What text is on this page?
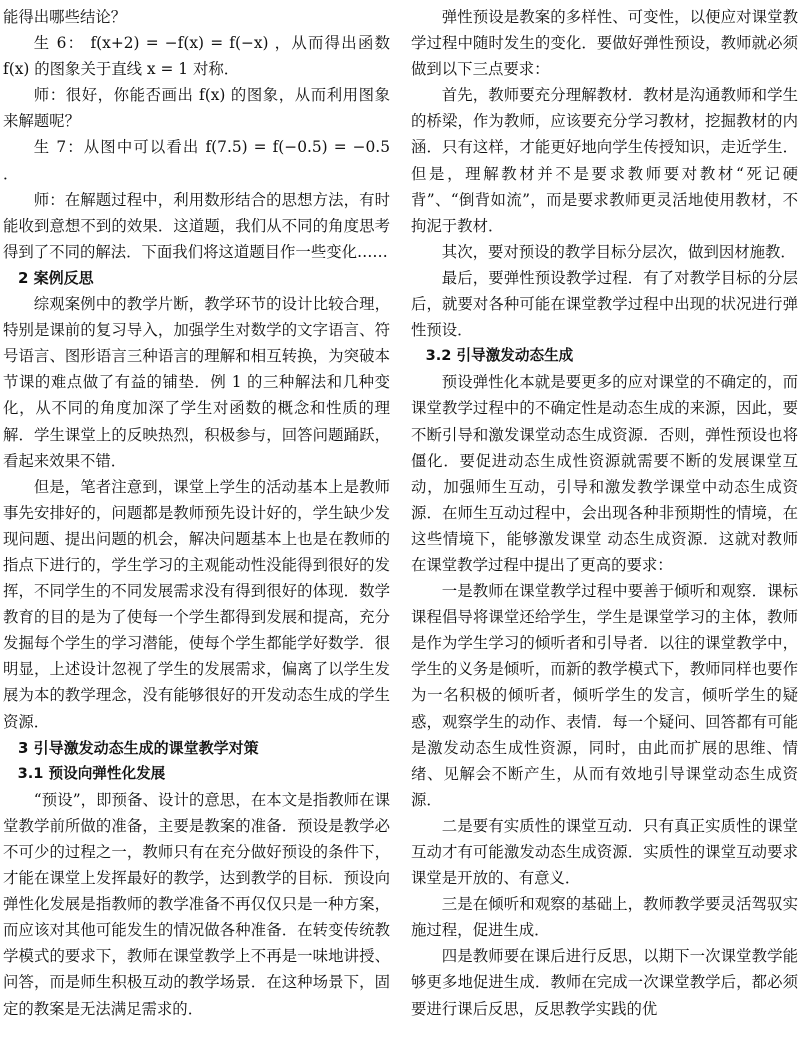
能得出哪些结论？

生 6： f(x+2) = −f(x) = f(−x) ，从而得出函数 f(x) 的图象关于直线 x = 1 对称．

师：很好，你能否画出 f(x) 的图象，从而利用图象来解题呢？

生 7：从图中可以看出 f(7.5) = f(−0.5) = −0.5 ．

师：在解题过程中，利用数形结合的思想方法，有时能收到意想不到的效果．这道题，我们从不同的角度思考得到了不同的解法．下面我们将这道题目作一些变化……

2 案例反思

综观案例中的教学片断，教学环节的设计比较合理，特别是课前的复习导入，加强学生对数学的文字语言、符号语言、图形语言三种语言的理解和相互转换，为突破本节课的难点做了有益的铺垫．例 1 的三种解法和几种变化，从不同的角度加深了学生对函数的概念和性质的理解．学生课堂上的反映热烈，积极参与，回答问题踊跃，看起来效果不错．

但是，笔者注意到，课堂上学生的活动基本上是教师事先安排好的，问题都是教师预先设计好的，学生缺少发现问题、提出问题的机会，解决问题基本上也是在教师的指点下进行的，学生学习的主观能动性没能得到很好的发挥，不同学生的不同发展需求没有得到很好的体现．数学教育的目的是为了使每一个学生都得到发展和提高，充分发掘每个学生的学习潜能，使每个学生都能学好数学．很明显，上述设计忽视了学生的发展需求，偏离了以学生发展为本的教学理念，没有能够很好的开发动态生成的学生资源．

3 引导激发动态生成的课堂教学对策

3.1 预设向弹性化发展

“预设”，即预备、设计的意思，在本文是指教师在课堂教学前所做的准备，主要是教案的准备．预设是教学必不可少的过程之一，教师只有在充分做好预设的条件下，才能在课堂上发挥最好的教学，达到教学的目标．预设向弹性化发展是指教师的教学准备不再仅仅只是一种方案，而应该对其他可能发生的情况做各种准备．在转变传统教学模式的要求下，教师在课堂教学上不再是一味地讲授、问答，而是师生积极互动的教学场景．在这种场景下，固定的教案是无法满足需求的．

弹性预设是教案的多样性、可变性，以便应对课堂教学过程中随时发生的变化．要做好弹性预设，教师就必须做到以下三点要求：

首先，教师要充分理解教材．教材是沟通教师和学生的桥梁，作为教师，应该要充分学习教材，挖掘教材的内涵．只有这样，才能更好地向学生传授知识，走近学生．但是，理解教材并不是要求教师要对教材“死记硬背”、“倒背如流”，而是要求教师更灵活地使用教材，不拘泥于教材．

其次，要对预设的教学目标分层次，做到因材施教．

最后，要弹性预设教学过程．有了对教学目标的分层后，就要对各种可能在课堂教学过程中出现的状况进行弹性预设．

3.2 引导激发动态生成

预设弹性化本就是要更多的应对课堂的不确定的，而课堂教学过程中的不确定性是动态生成的来源，因此，要不断引导和激发课堂动态生成资源．否则，弹性预设也将僵化．要促进动态生成性资源就需要不断的发展课堂互动，加强师生互动，引导和激发教学课堂中动态生成资源．在师生互动过程中，会出现各种非预期性的情境，在这些情境下，能够激发课堂 动态生成资源．这就对教师在课堂教学过程中提出了更高的要求：

一是教师在课堂教学过程中要善于倾听和观察．课标课程倡导将课堂还给学生，学生是课堂学习的主体，教师是作为学生学习的倾听者和引导者．以往的课堂教学中，学生的义务是倾听，而新的教学模式下，教师同样也要作为一名积极的倾听者，倾听学生的发言，倾听学生的疑惑，观察学生的动作、表情．每一个疑问、回答都有可能是激发动态生成性资源，同时，由此而扩展的思维、情绪、见解会不断产生，从而有效地引导课堂动态生成资源．

二是要有实质性的课堂互动．只有真正实质性的课堂互动才有可能激发动态生成资源．实质性的课堂互动要求课堂是开放的、有意义．

三是在倾听和观察的基础上，教师教学要灵活驾驭实施过程，促进生成．

四是教师要在课后进行反思，以期下一次课堂教学能够更多地促进生成．教师在完成一次课堂教学后，都必须要进行课后反思，反思教学实践的优
